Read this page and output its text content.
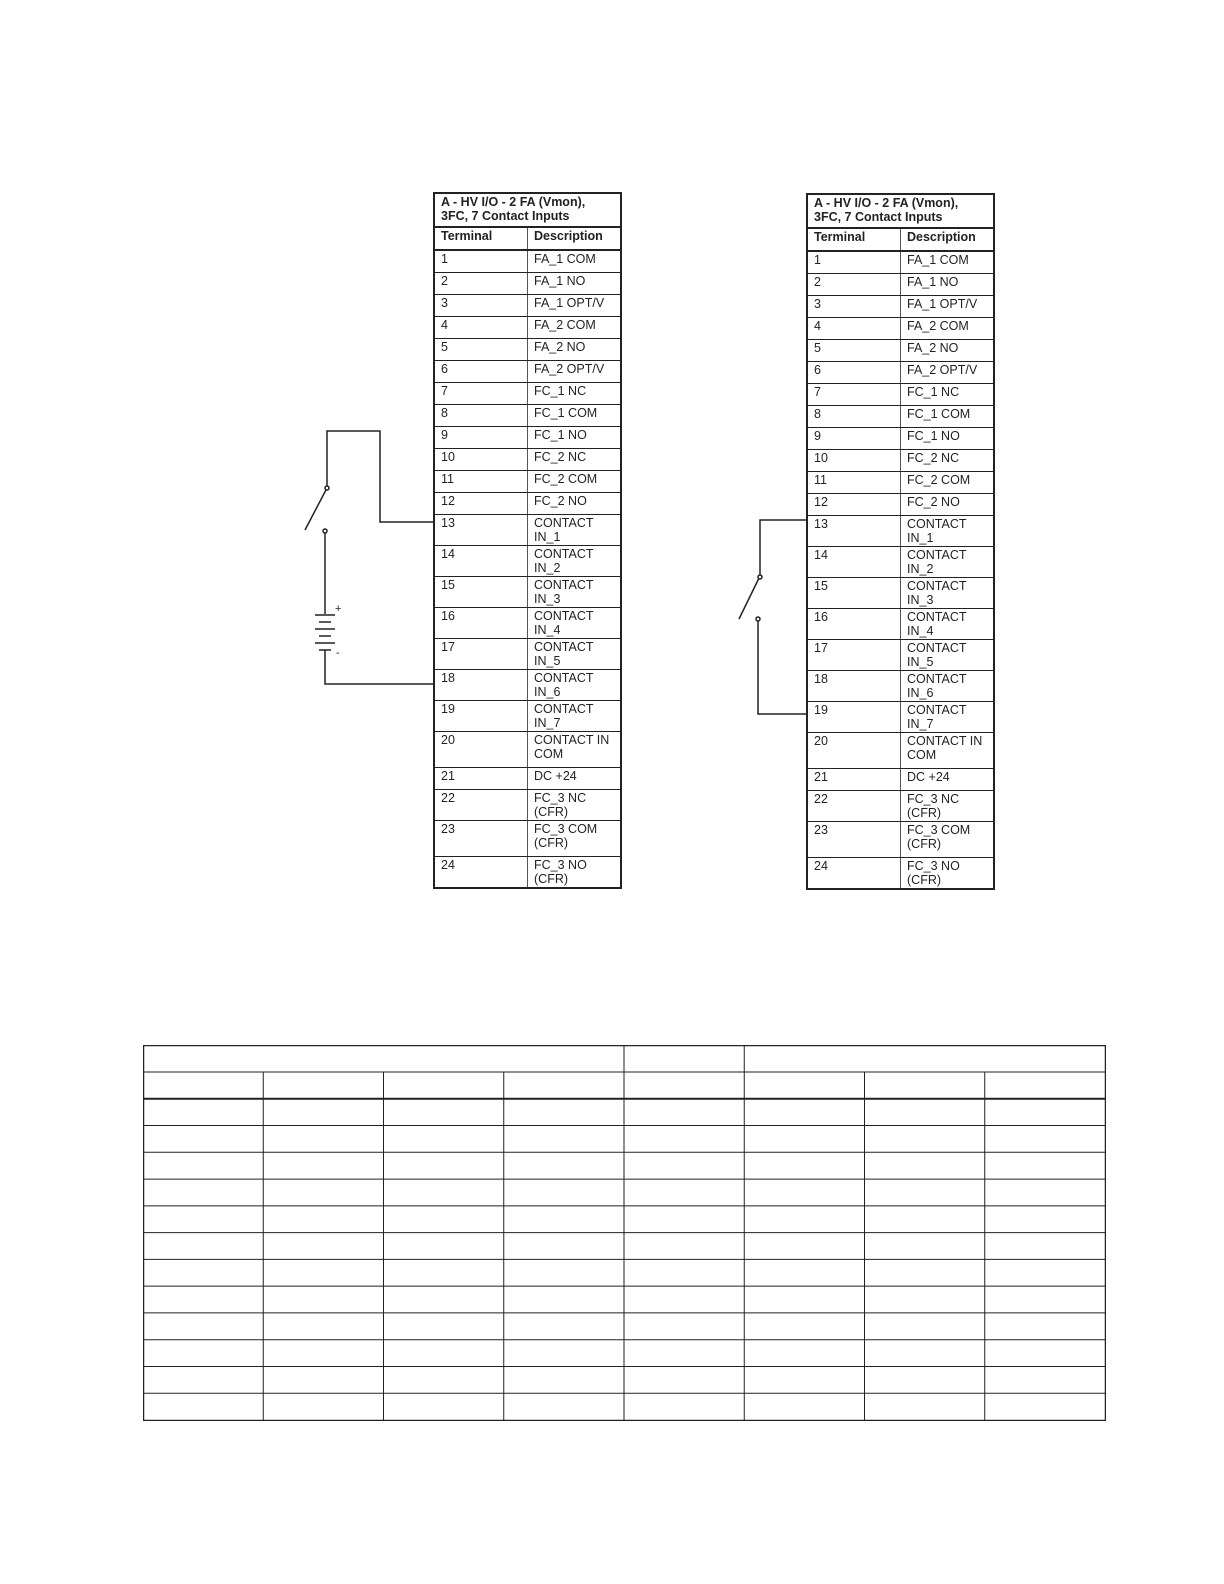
A - HV I/O - 2 FA (Vmon), 3FC, 7 Contact Inputs	
Terminal	Description
1	FA_1 COM
2	FA_1 NO
3	FA_1 OPT/V
4	FA_2 COM
5	FA_2 NO
6	FA_2 OPT/V
7	FC_1 NC
8	FC_1 COM
9	FC_1 NO
10	FC_2 NC
11	FC_2 COM
12	FC_2 NO
13	CONTACT IN_1
14	CONTACT IN_2
15	CONTACT IN_3
16	CONTACT IN_4
17	CONTACT IN_5
18	CONTACT IN_6
19	CONTACT IN_7
20	CONTACT IN COM
21	DC +24
22	FC_3 NC (CFR)
23	FC_3 COM (CFR)
24	FC_3 NO (CFR)
A - HV I/O - 2 FA (Vmon), 3FC, 7 Contact Inputs	
Terminal	Description
1	FA_1 COM
2	FA_1 NO
3	FA_1 OPT/V
4	FA_2 COM
5	FA_2 NO
6	FA_2 OPT/V
7	FC_1 NC
8	FC_1 COM
9	FC_1 NO
10	FC_2 NC
11	FC_2 COM
12	FC_2 NO
13	CONTACT IN_1
14	CONTACT IN_2
15	CONTACT IN_3
16	CONTACT IN_4
17	CONTACT IN_5
18	CONTACT IN_6
19	CONTACT IN_7
20	CONTACT IN COM
21	DC +24
22	FC_3 NC (CFR)
23	FC_3 COM (CFR)
24	FC_3 NO (CFR)
+
-
